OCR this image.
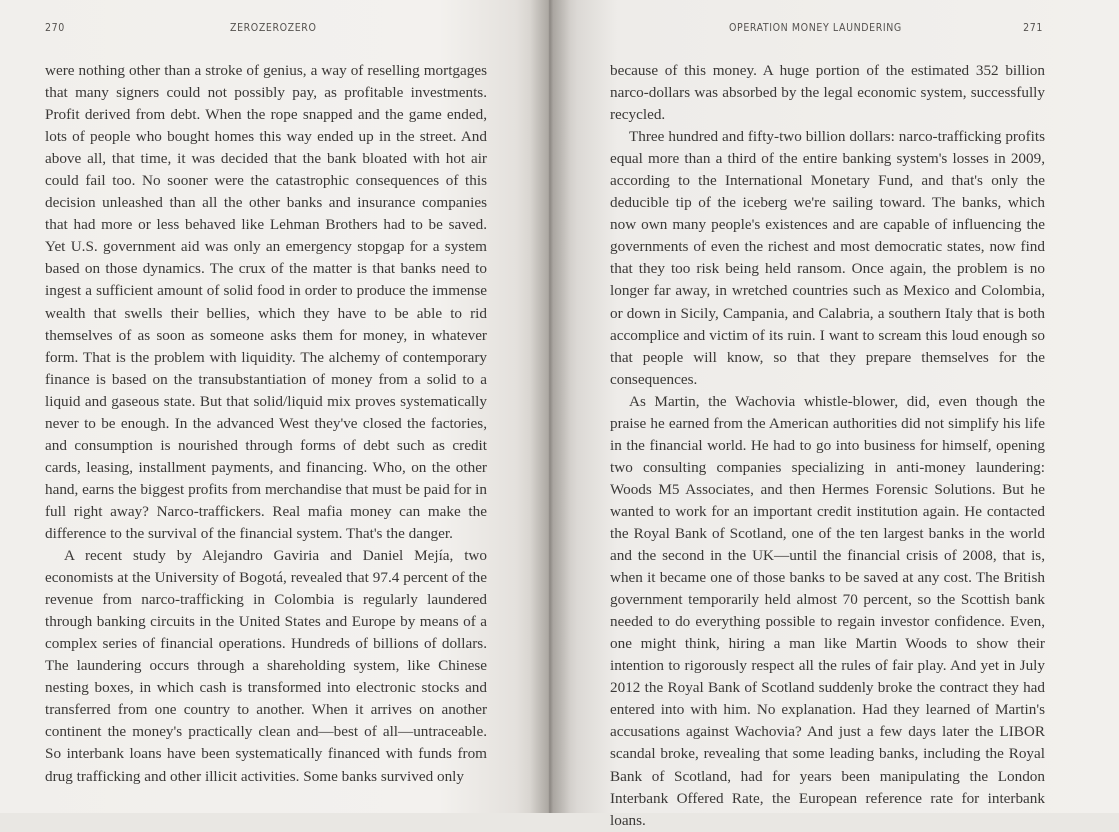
270	ZEROZEROZERO

were nothing other than a stroke of genius, a way of reselling mortgages that many signers could not possibly pay, as profitable investments. Profit derived from debt. When the rope snapped and the game ended, lots of people who bought homes this way ended up in the street. And above all, that time, it was decided that the bank bloated with hot air could fail too. No sooner were the catastrophic consequences of this decision unleashed than all the other banks and insurance companies that had more or less behaved like Lehman Brothers had to be saved. Yet U.S. government aid was only an emergency stopgap for a system based on those dynamics. The crux of the matter is that banks need to ingest a sufficient amount of solid food in order to produce the immense wealth that swells their bellies, which they have to be able to rid themselves of as soon as someone asks them for money, in whatever form. That is the problem with liquidity. The alchemy of contemporary finance is based on the transubstantiation of money from a solid to a liquid and gaseous state. But that solid/liquid mix proves systematically never to be enough. In the advanced West they've closed the factories, and consumption is nourished through forms of debt such as credit cards, leasing, installment payments, and financing. Who, on the other hand, earns the biggest profits from merchandise that must be paid for in full right away? Narco-traffickers. Real mafia money can make the difference to the survival of the financial system. That's the danger.

A recent study by Alejandro Gaviria and Daniel Mejía, two economists at the University of Bogotá, revealed that 97.4 percent of the revenue from narco-trafficking in Colombia is regularly laundered through banking circuits in the United States and Europe by means of a complex series of financial operations. Hundreds of billions of dollars. The laundering occurs through a shareholding system, like Chinese nesting boxes, in which cash is transformed into electronic stocks and transferred from one country to another. When it arrives on another continent the money's practically clean and—best of all—untraceable. So interbank loans have been systematically financed with funds from drug trafficking and other illicit activities. Some banks survived only

OPERATION MONEY LAUNDERING	271

because of this money. A huge portion of the estimated 352 billion narco-dollars was absorbed by the legal economic system, successfully recycled.

Three hundred and fifty-two billion dollars: narco-trafficking profits equal more than a third of the entire banking system's losses in 2009, according to the International Monetary Fund, and that's only the deducible tip of the iceberg we're sailing toward. The banks, which now own many people's existences and are capable of influencing the governments of even the richest and most democratic states, now find that they too risk being held ransom. Once again, the problem is no longer far away, in wretched countries such as Mexico and Colombia, or down in Sicily, Campania, and Calabria, a southern Italy that is both accomplice and victim of its ruin. I want to scream this loud enough so that people will know, so that they prepare themselves for the consequences.

As Martin, the Wachovia whistle-blower, did, even though the praise he earned from the American authorities did not simplify his life in the financial world. He had to go into business for himself, opening two consulting companies specializing in anti-money laundering: Woods M5 Associates, and then Hermes Forensic Solutions. But he wanted to work for an important credit institution again. He contacted the Royal Bank of Scotland, one of the ten largest banks in the world and the second in the UK—until the financial crisis of 2008, that is, when it became one of those banks to be saved at any cost. The British government temporarily held almost 70 percent, so the Scottish bank needed to do everything possible to regain investor confidence. Even, one might think, hiring a man like Martin Woods to show their intention to rigorously respect all the rules of fair play. And yet in July 2012 the Royal Bank of Scotland suddenly broke the contract they had entered into with him. No explanation. Had they learned of Martin's accusations against Wachovia? And just a few days later the LIBOR scandal broke, revealing that some leading banks, including the Royal Bank of Scotland, had for years been manipulating the London Interbank Offered Rate, the European reference rate for interbank loans.
